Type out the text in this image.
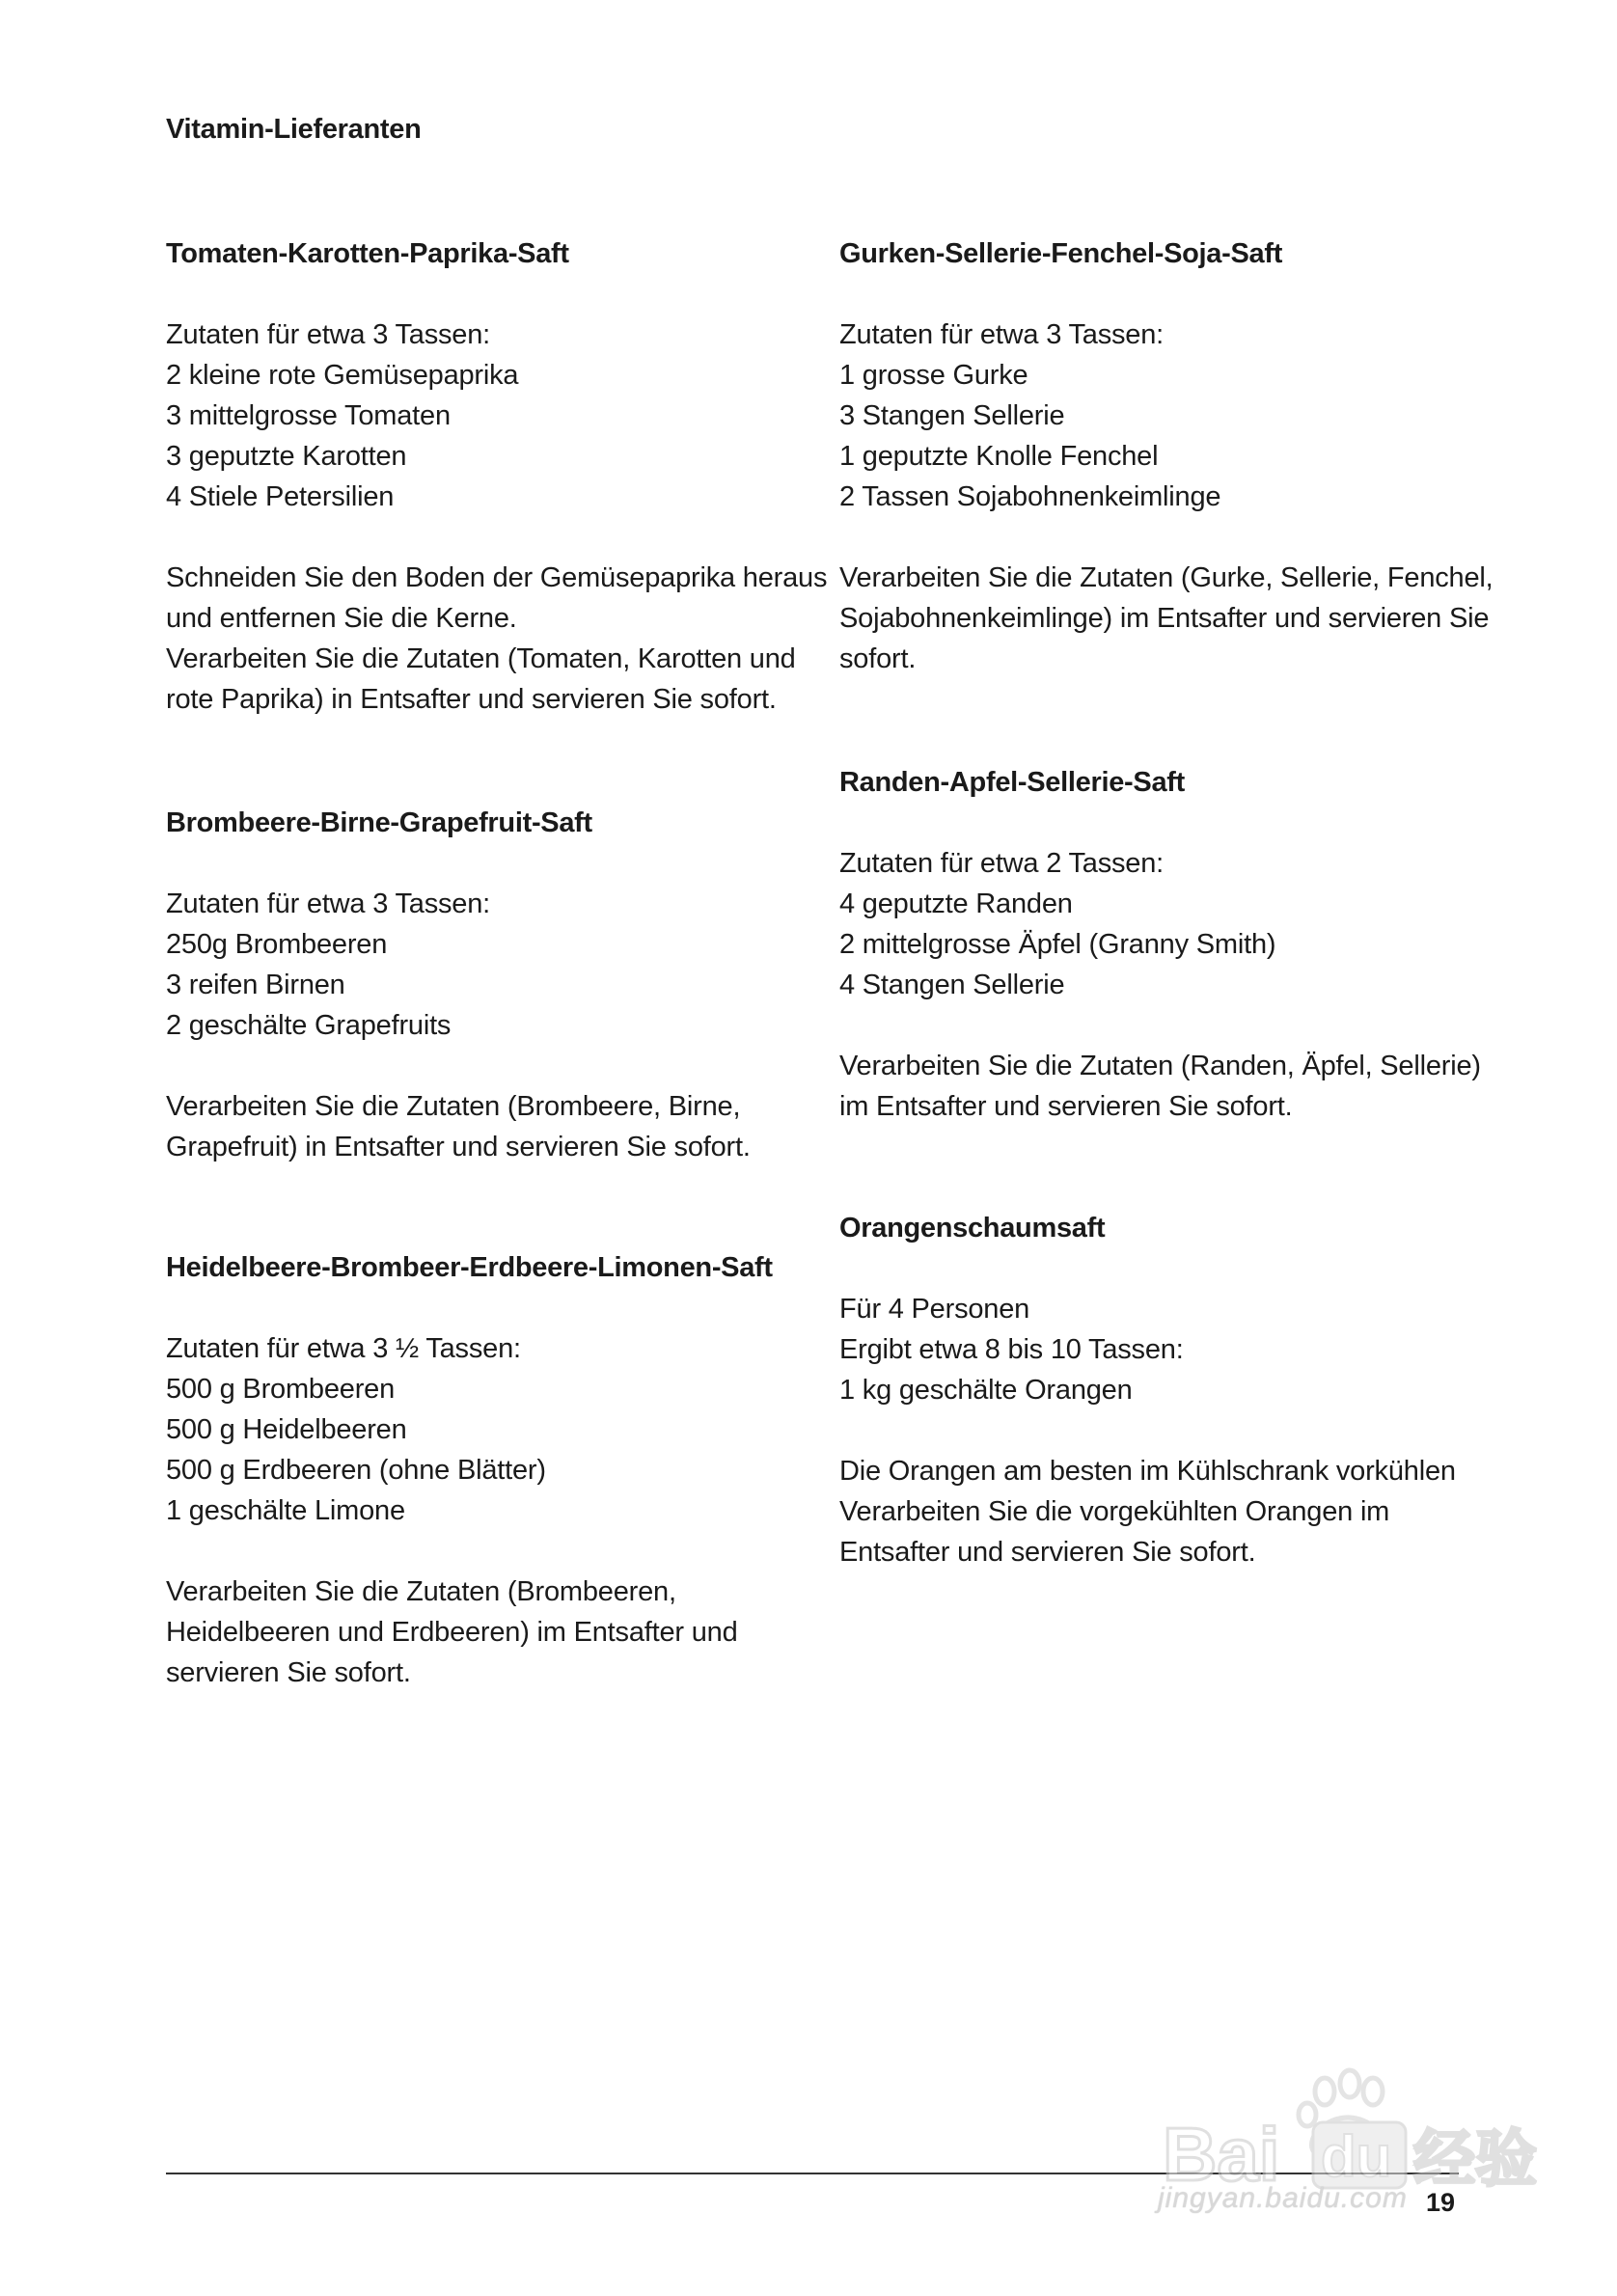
Vitamin-Lieferanten
Tomaten-Karotten-Paprika-Saft
Zutaten für etwa 3 Tassen:
2 kleine rote Gemüsepaprika
3 mittelgrosse Tomaten
3 geputzte Karotten
4 Stiele Petersilien
Schneiden Sie den Boden der Gemüsepaprika heraus
und entfernen Sie die Kerne.
Verarbeiten Sie die Zutaten (Tomaten, Karotten und
rote Paprika) in Entsafter und servieren Sie sofort.
Brombeere-Birne-Grapefruit-Saft
Zutaten für etwa 3 Tassen:
250g Brombeeren
3 reifen Birnen
2 geschälte Grapefruits
Verarbeiten Sie die Zutaten (Brombeere, Birne,
Grapefruit) in Entsafter und servieren Sie sofort.
Heidelbeere-Brombeer-Erdbeere-Limonen-Saft
Zutaten für etwa 3 ½ Tassen:
500 g Brombeeren
500 g Heidelbeeren
500 g Erdbeeren (ohne Blätter)
1 geschälte Limone
Verarbeiten Sie die Zutaten (Brombeeren,
Heidelbeeren und Erdbeeren) im Entsafter und
servieren Sie sofort.
Gurken-Sellerie-Fenchel-Soja-Saft
Zutaten für etwa 3 Tassen:
1 grosse Gurke
3 Stangen Sellerie
1 geputzte Knolle Fenchel
2 Tassen Sojabohnenkeimlinge
Verarbeiten Sie die Zutaten (Gurke, Sellerie, Fenchel,
Sojabohnenkeimlinge) im Entsafter und servieren Sie
sofort.
Randen-Apfel-Sellerie-Saft
Zutaten für etwa 2 Tassen:
4 geputzte Randen
2 mittelgrosse Äpfel (Granny Smith)
4 Stangen Sellerie
Verarbeiten Sie die Zutaten (Randen, Äpfel, Sellerie)
im Entsafter und servieren Sie sofort.
Orangenschaumsaft
Für 4 Personen
Ergibt etwa 8 bis 10 Tassen:
1 kg geschälte Orangen
Die Orangen am besten im Kühlschrank vorkühlen
Verarbeiten Sie die vorgekühlten Orangen im
Entsafter und servieren Sie sofort.
Bai du 经验
jingyan.baidu.com 19
